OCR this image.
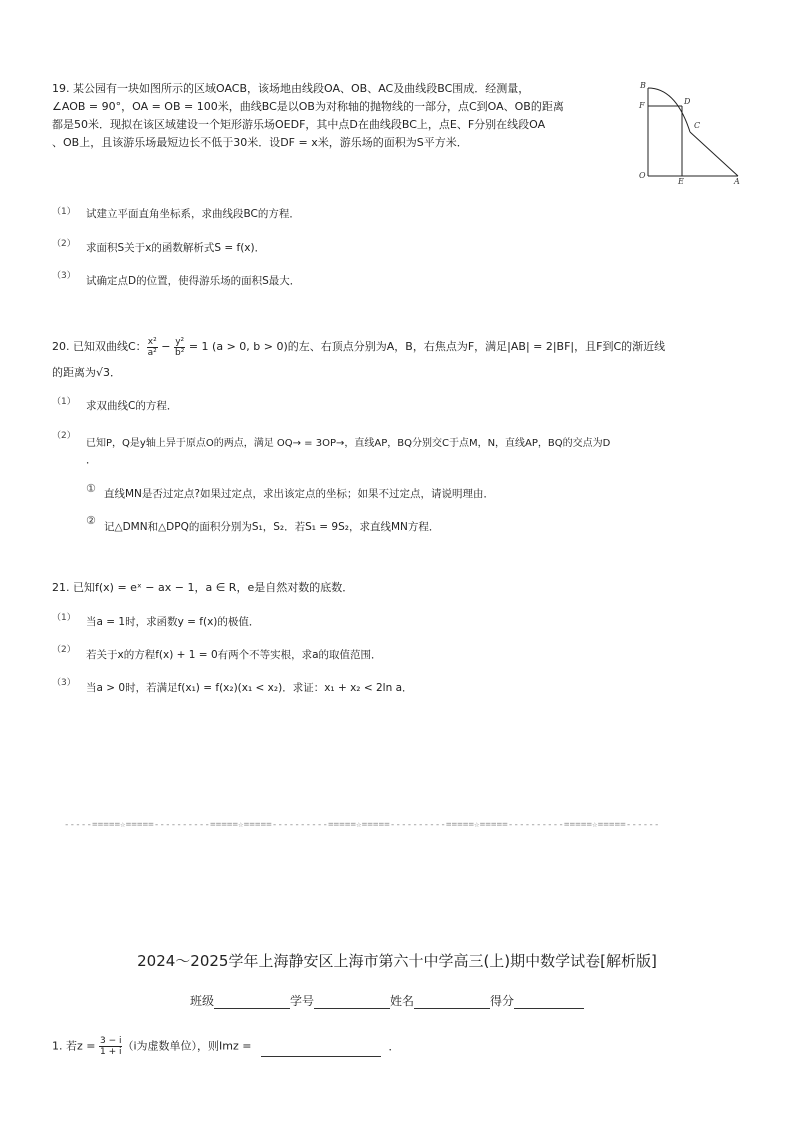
19. 某公园有一块如图所示的区域OACB，该场地由线段OA、OB、AC及曲线段BC围成．经测量，
∠AOB = 90°，OA = OB = 100米，曲线BC是以OB为对称轴的抛物线的一部分，点C到OA、OB的距离
都是50米．现拟在该区域建设一个矩形游乐场OEDF，其中点D在曲线段BC上，点E、F分别在线段OA
、OB上，且该游乐场最短边长不低于30米．设DF = x米，游乐场的面积为S平方米．
B
F	D
C
O
E	A
（1） 试建立平面直角坐标系，求曲线段BC的方程．
（2） 求面积S关于x的函数解析式S = f(x)．
（3） 试确定点D的位置，使得游乐场的面积S最大．
20. 已知双曲线C： $\frac{\text{x²}}{\text{a²}} - \frac{\text{y²}}{\text{b²}} = 1$ (a > 0, b > 0)的左、右顶点分别为A，B，右焦点为F，满足|AB| = 2|BF|，且F到C的渐近线
的距离为√3．
（1） 求双曲线C的方程．
（2）
已知P，Q是y轴上异于原点O的两点，满足 OQ→ = 3OP→，直线AP，BQ分别交C于点M，N，直线AP，BQ的交点为D
．
① 直线MN是否过定点?如果过定点，求出该定点的坐标；如果不过定点，请说明理由．
② 记△DMN和△DPQ的面积分别为S₁，S₂．若S₁ = 9S₂，求直线MN方程．
21. 已知f(x) = eˣ − ax − 1，a ∈ R，e是自然对数的底数．
（1） 当a = 1时，求函数y = f(x)的极值．
（2） 若关于x的方程f(x) + 1 = 0有两个不等实根，求a的取值范围．
（3） 当a > 0时，若满足f(x₁) = f(x₂)(x₁ < x₂)．求证：x₁ + x₂ < 2ln a．
-----=====☆=====----------=====☆=====----------=====☆=====----------=====☆=====----------=====☆=====------
2024～2025学年上海静安区上海市第六十中学高三(上)期中数学试卷[解析版]
班级	学号	姓名	得分
1. 若$z = \frac{3 - i}{1 + i} (i$为虚数单位），则Imz =	．
